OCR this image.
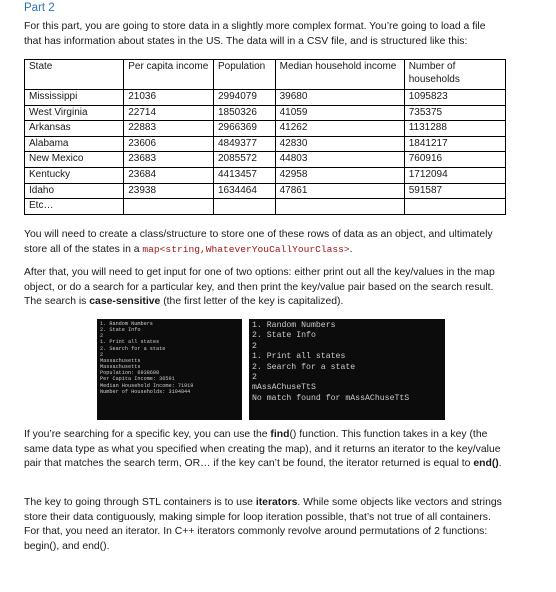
Part 2
For this part, you are going to store data in a slightly more complex format. You’re going to load a file that has information about states in the US. The data will in a CSV file, and is structured like this:
State	Per capita income	Population	Median household income	Number of households
Mississippi	21036	2994079	39680	1095823
West Virginia	22714	1850326	41059	735375
Arkansas	22883	2966369	41262	1131288
Alabama	23606	4849377	42830	1841217
New Mexico	23683	2085572	44803	760916
Kentucky	23684	4413457	42958	1712094
Idaho	23938	1634464	47861	591587
Etc…				
You will need to create a class/structure to store one of these rows of data as an object, and ultimately store all of the states in a map<string,WhateverYouCallYourClass>.
After that, you will need to get input for one of two options: either print out all the key/values in the map object, or do a search for a particular key, and then print the key/value pair based on the search result. The search is case-sensitive (the first letter of the key is capitalized).
1. Random Numbers
2. State Info
2
1. Print all states
2. Search for a state
2
Massachusetts
Massachusetts
Population: 6938608
Per Capita Income: 36591
Median Household Income: 71919
Number of Households: 3194844
1. Random Numbers
2. State Info
2
1. Print all states
2. Search for a state
2
mAssAChuseTtS
No match found for mAssAChuseTtS
If you’re searching for a specific key, you can use the find() function. This function takes in a key (the same data type as what you specified when creating the map), and it returns an iterator to the key/value pair that matches the search term, OR… if the key can’t be found, the iterator returned is equal to end().
The key to going through STL containers is to use iterators. While some objects like vectors and strings store their data contiguously, making simple for loop iteration possible, that’s not true of all containers. For that, you need an iterator. In C++ iterators commonly revolve around permutations of 2 functions: begin(), and end().
